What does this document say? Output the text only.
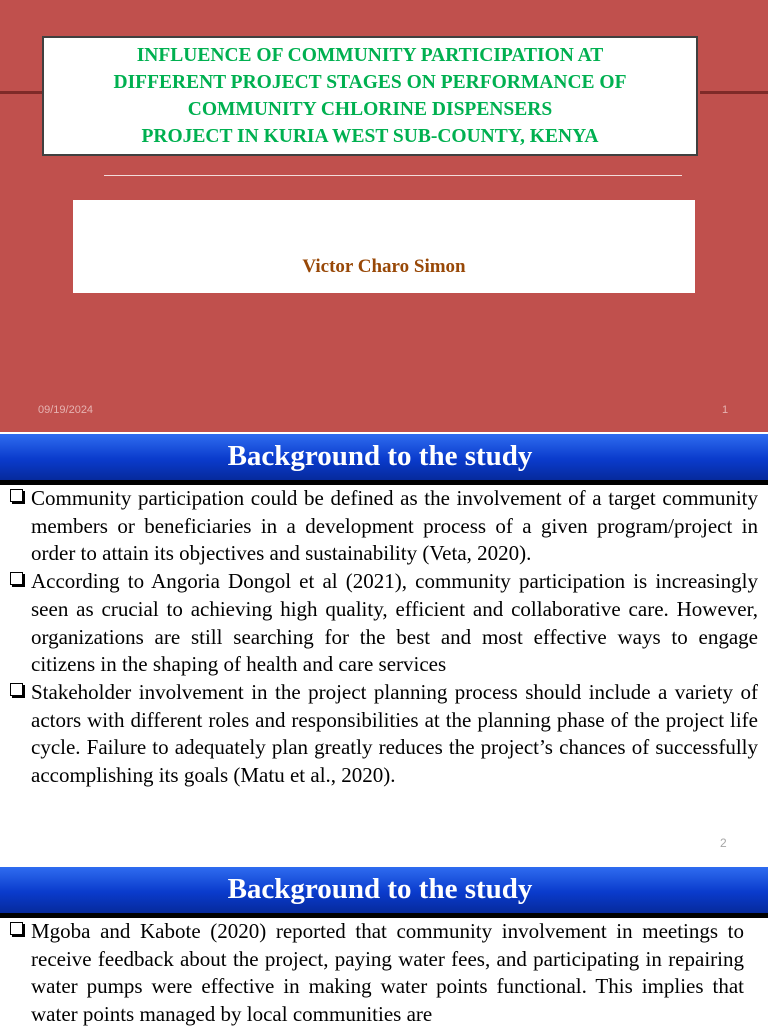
INFLUENCE OF COMMUNITY PARTICIPATION AT
DIFFERENT PROJECT STAGES ON PERFORMANCE OF
COMMUNITY CHLORINE DISPENSERS
PROJECT IN KURIA WEST SUB-COUNTY, KENYA

Victor Charo Simon
09/19/2024	1
Background to the study
Community participation could be defined as the involvement of a target community members or beneficiaries in a development process of a given program/project in order to attain its objectives and sustainability (Veta, 2020).
According to Angoria Dongol et al (2021), community participation is increasingly seen as crucial to achieving high quality, efficient and collaborative care. However, organizations are still searching for the best and most effective ways to engage citizens in the shaping of health and care services
Stakeholder involvement in the project planning process should include a variety of actors with different roles and responsibilities at the planning phase of the project life cycle. Failure to adequately plan greatly reduces the project’s chances of successfully accomplishing its goals (Matu et al., 2020).
2
Background to the study
Mgoba and Kabote (2020) reported that community involvement in meetings to receive feedback about the project, paying water fees, and participating in repairing water pumps were effective in making water points functional. This implies that water points managed by local communities are
